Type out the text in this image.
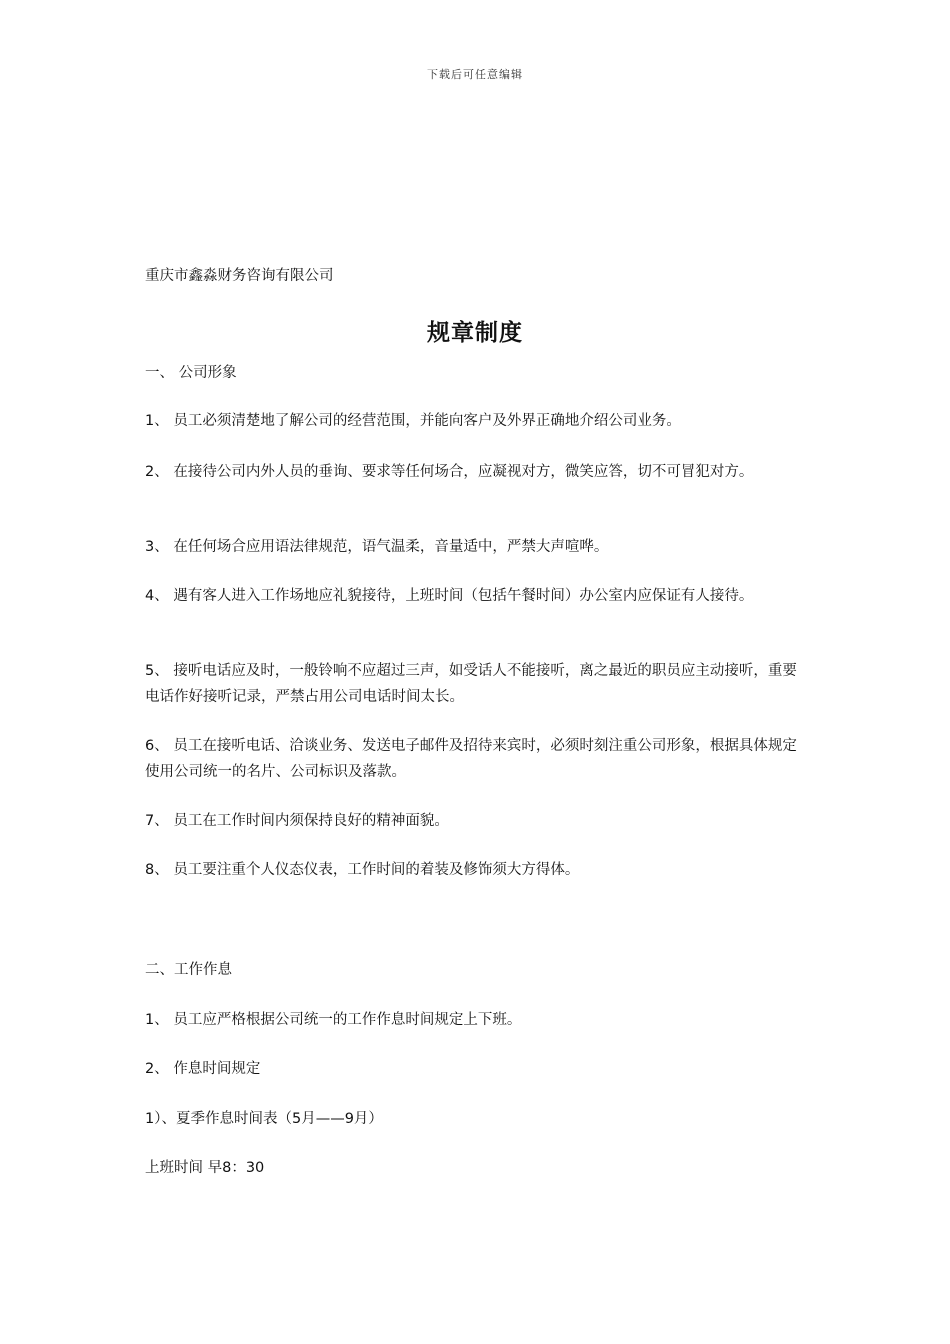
下载后可任意编辑
重庆市鑫淼财务咨询有限公司
规章制度
一、 公司形象
1、 员工必须清楚地了解公司的经营范围，并能向客户及外界正确地介绍公司业务。
2、 在接待公司内外人员的垂询、要求等任何场合，应凝视对方，微笑应答，切不可冒犯对方。
3、 在任何场合应用语法律规范，语气温柔，音量适中，严禁大声喧哗。
4、 遇有客人进入工作场地应礼貌接待，上班时间（包括午餐时间）办公室内应保证有人接待。
5、 接听电话应及时，一般铃响不应超过三声，如受话人不能接听，离之最近的职员应主动接听，重要电话作好接听记录，严禁占用公司电话时间太长。
6、 员工在接听电话、洽谈业务、发送电子邮件及招待来宾时，必须时刻注重公司形象，根据具体规定使用公司统一的名片、公司标识及落款。
7、 员工在工作时间内须保持良好的精神面貌。
8、 员工要注重个人仪态仪表，工作时间的着装及修饰须大方得体。
二、工作作息
1、 员工应严格根据公司统一的工作作息时间规定上下班。
2、 作息时间规定
1）、夏季作息时间表（5月——9月）
上班时间 早8：30
